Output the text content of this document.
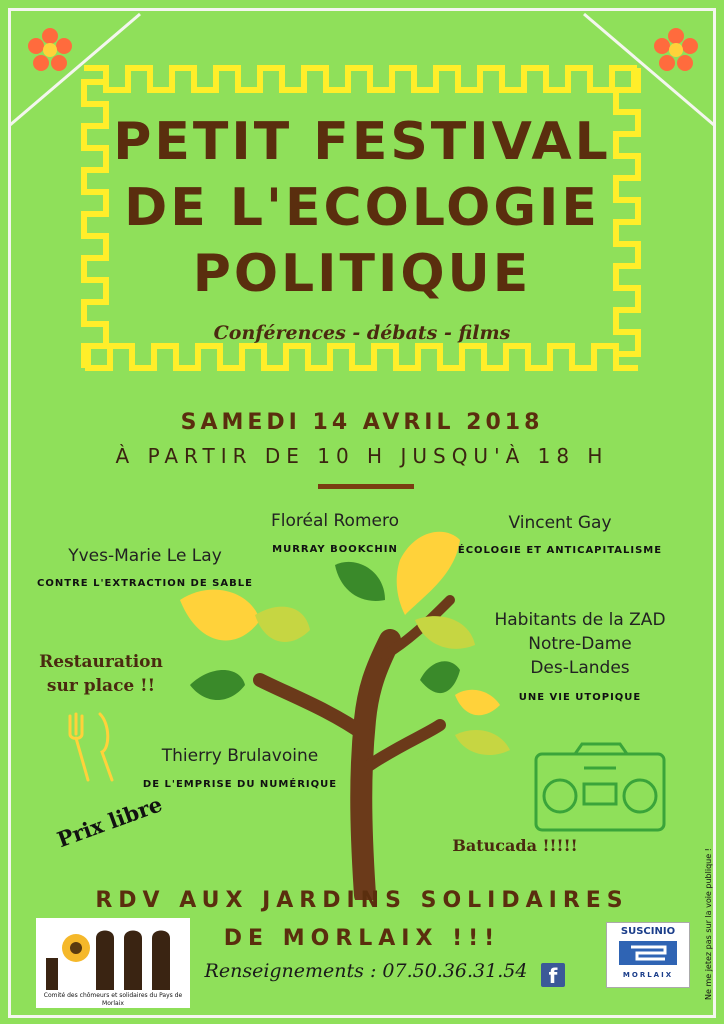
PETIT FESTIVAL
DE L'ECOLOGIE
POLITIQUE
Conférences - débats - films
SAMEDI 14 AVRIL 2018
À PARTIR DE 10 H JUSQU'À 18 H
Yves-Marie Le Lay
CONTRE L'EXTRACTION DE SABLE
Floréal Romero
MURRAY BOOKCHIN
Vincent Gay
ÉCOLOGIE ET ANTICAPITALISME
Habitants de la ZAD
Notre-Dame
Des-Landes
UNE VIE UTOPIQUE
Thierry Brulavoine
DE L'EMPRISE DU NUMÉRIQUE
Restauration
sur place !!
Prix libre	Batucada !!!!!
RDV AUX JARDINS SOLIDAIRES
DE MORLAIX !!!
Comité des chômeurs et solidaires du Pays de Morlaix
Renseignements : 07.50.36.31.54	f
SUSCINIO
MORLAIX	Ne me jetez pas sur la voie publique !
